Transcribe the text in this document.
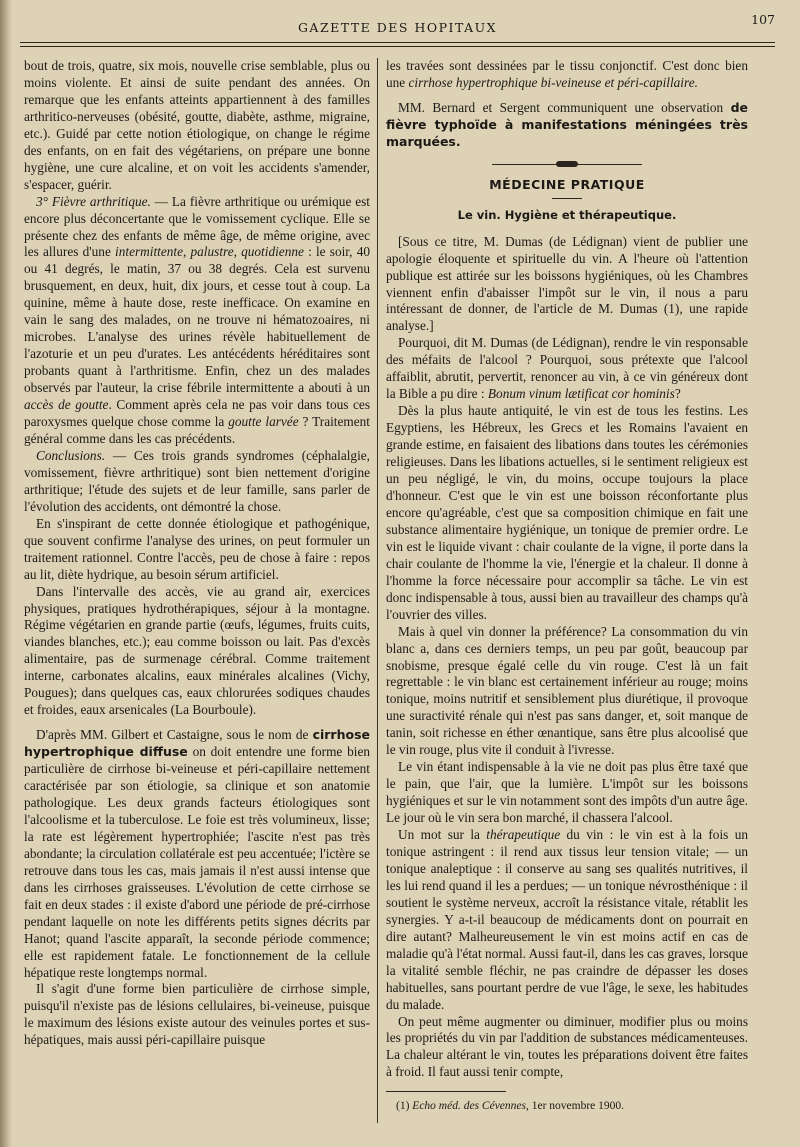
GAZETTE DES HOPITAUX
107

bout de trois, quatre, six mois, nouvelle crise semblable, plus ou moins violente. Et ainsi de suite pendant des années. On remarque que les enfants atteints appartiennent à des familles arthritico-nerveuses (obésité, goutte, diabète, asthme, migraine, etc.). Guidé par cette notion étiologique, on change le régime des enfants, on en fait des végétariens, on prépare une bonne hygiène, une cure alcaline, et on voit les accidents s'amender, s'espacer, guérir.

3° Fièvre arthritique. — La fièvre arthritique ou urémique est encore plus déconcertante que le vomissement cyclique. Elle se présente chez des enfants de même âge, de même origine, avec les allures d'une intermittente, palustre, quotidienne : le soir, 40 ou 41 degrés, le matin, 37 ou 38 degrés. Cela est survenu brusquement, en deux, huit, dix jours, et cesse tout à coup. La quinine, même à haute dose, reste inefficace. On examine en vain le sang des malades, on ne trouve ni hématozoaires, ni microbes. L'analyse des urines révèle habituellement de l'azoturie et un peu d'urates. Les antécédents héréditaires sont probants quant à l'arthritisme. Enfin, chez un des malades observés par l'auteur, la crise fébrile intermittente a abouti à un accès de goutte. Comment après cela ne pas voir dans tous ces paroxysmes quelque chose comme la goutte larvée ? Traitement général comme dans les cas précédents.

Conclusions. — Ces trois grands syndromes (céphalalgie, vomissement, fièvre arthritique) sont bien nettement d'origine arthritique; l'étude des sujets et de leur famille, sans parler de l'évolution des accidents, ont démontré la chose.

En s'inspirant de cette donnée étiologique et pathogénique, que souvent confirme l'analyse des urines, on peut formuler un traitement rationnel. Contre l'accès, peu de chose à faire : repos au lit, diète hydrique, au besoin sérum artificiel.

Dans l'intervalle des accès, vie au grand air, exercices physiques, pratiques hydrothérapiques, séjour à la montagne. Régime végétarien en grande partie (œufs, légumes, fruits cuits, viandes blanches, etc.); eau comme boisson ou lait. Pas d'excès alimentaire, pas de surmenage cérébral. Comme traitement interne, carbonates alcalins, eaux minérales alcalines (Vichy, Pougues); dans quelques cas, eaux chlorurées sodiques chaudes et froides, eaux arsenicales (La Bourboule).

D'après MM. Gilbert et Castaigne, sous le nom de cirrhose hypertrophique diffuse on doit entendre une forme bien particulière de cirrhose bi-veineuse et péri-capillaire nettement caractérisée par son étiologie, sa clinique et son anatomie pathologique. Les deux grands facteurs étiologiques sont l'alcoolisme et la tuberculose. Le foie est très volumineux, lisse; la rate est légèrement hypertrophiée; l'ascite n'est pas très abondante; la circulation collatérale est peu accentuée; l'ictère se retrouve dans tous les cas, mais jamais il n'est aussi intense que dans les cirrhoses graisseuses. L'évolution de cette cirrhose se fait en deux stades : il existe d'abord une période de pré-cirrhose pendant laquelle on note les différents petits signes décrits par Hanot; quand l'ascite apparaît, la seconde période commence; elle est rapidement fatale. Le fonctionnement de la cellule hépatique reste longtemps normal.

Il s'agit d'une forme bien particulière de cirrhose simple, puisqu'il n'existe pas de lésions cellulaires, bi-veineuse, puisque le maximum des lésions existe autour des veinules portes et sus-hépatiques, mais aussi péri-capillaire puisque

les travées sont dessinées par le tissu conjonctif. C'est donc bien une cirrhose hypertrophique bi-veineuse et péri-capillaire.

MM. Bernard et Sergent communiquent une observation de fièvre typhoïde à manifestations méningées très marquées.

MÉDECINE PRATIQUE
Le vin. Hygiène et thérapeutique.

[Sous ce titre, M. Dumas (de Lédignan) vient de publier une apologie éloquente et spirituelle du vin. A l'heure où l'attention publique est attirée sur les boissons hygiéniques, où les Chambres viennent enfin d'abaisser l'impôt sur le vin, il nous a paru intéressant de donner, de l'article de M. Dumas (1), une rapide analyse.]

Pourquoi, dit M. Dumas (de Lédignan), rendre le vin responsable des méfaits de l'alcool ? Pourquoi, sous prétexte que l'alcool affaiblit, abrutit, pervertit, renoncer au vin, à ce vin généreux dont la Bible a pu dire : Bonum vinum lætificat cor hominis?

Dès la plus haute antiquité, le vin est de tous les festins. Les Egyptiens, les Hébreux, les Grecs et les Romains l'avaient en grande estime, en faisaient des libations dans toutes les cérémonies religieuses. Dans les libations actuelles, si le sentiment religieux est un peu négligé, le vin, du moins, occupe toujours la place d'honneur. C'est que le vin est une boisson réconfortante plus encore qu'agréable, c'est que sa composition chimique en fait une substance alimentaire hygiénique, un tonique de premier ordre. Le vin est le liquide vivant : chair coulante de la vigne, il porte dans la chair coulante de l'homme la vie, l'énergie et la chaleur. Il donne à l'homme la force nécessaire pour accomplir sa tâche. Le vin est donc indispensable à tous, aussi bien au travailleur des champs qu'à l'ouvrier des villes.

Mais à quel vin donner la préférence? La consommation du vin blanc a, dans ces derniers temps, un peu par goût, beaucoup par snobisme, presque égalé celle du vin rouge. C'est là un fait regrettable : le vin blanc est certainement inférieur au rouge; moins tonique, moins nutritif et sensiblement plus diurétique, il provoque une suractivité rénale qui n'est pas sans danger, et, soit manque de tanin, soit richesse en éther œnantique, sans être plus alcoolisé que le vin rouge, plus vite il conduit à l'ivresse.

Le vin étant indispensable à la vie ne doit pas plus être taxé que le pain, que l'air, que la lumière. L'impôt sur les boissons hygiéniques et sur le vin notamment sont des impôts d'un autre âge. Le jour où le vin sera bon marché, il chassera l'alcool.

Un mot sur la thérapeutique du vin : le vin est à la fois un tonique astringent : il rend aux tissus leur tension vitale; — un tonique analeptique : il conserve au sang ses qualités nutritives, il les lui rend quand il les a perdues; — un tonique névrosthénique : il soutient le système nerveux, accroît la résistance vitale, rétablit les synergies. Y a-t-il beaucoup de médicaments dont on pourrait en dire autant? Malheureusement le vin est moins actif en cas de maladie qu'à l'état normal. Aussi faut-il, dans les cas graves, lorsque la vitalité semble fléchir, ne pas craindre de dépasser les doses habituelles, sans pourtant perdre de vue l'âge, le sexe, les habitudes du malade.

On peut même augmenter ou diminuer, modifier plus ou moins les propriétés du vin par l'addition de substances médicamenteuses. La chaleur altérant le vin, toutes les préparations doivent être faites à froid. Il faut aussi tenir compte,

(1) Echo méd. des Cévennes, 1er novembre 1900.
